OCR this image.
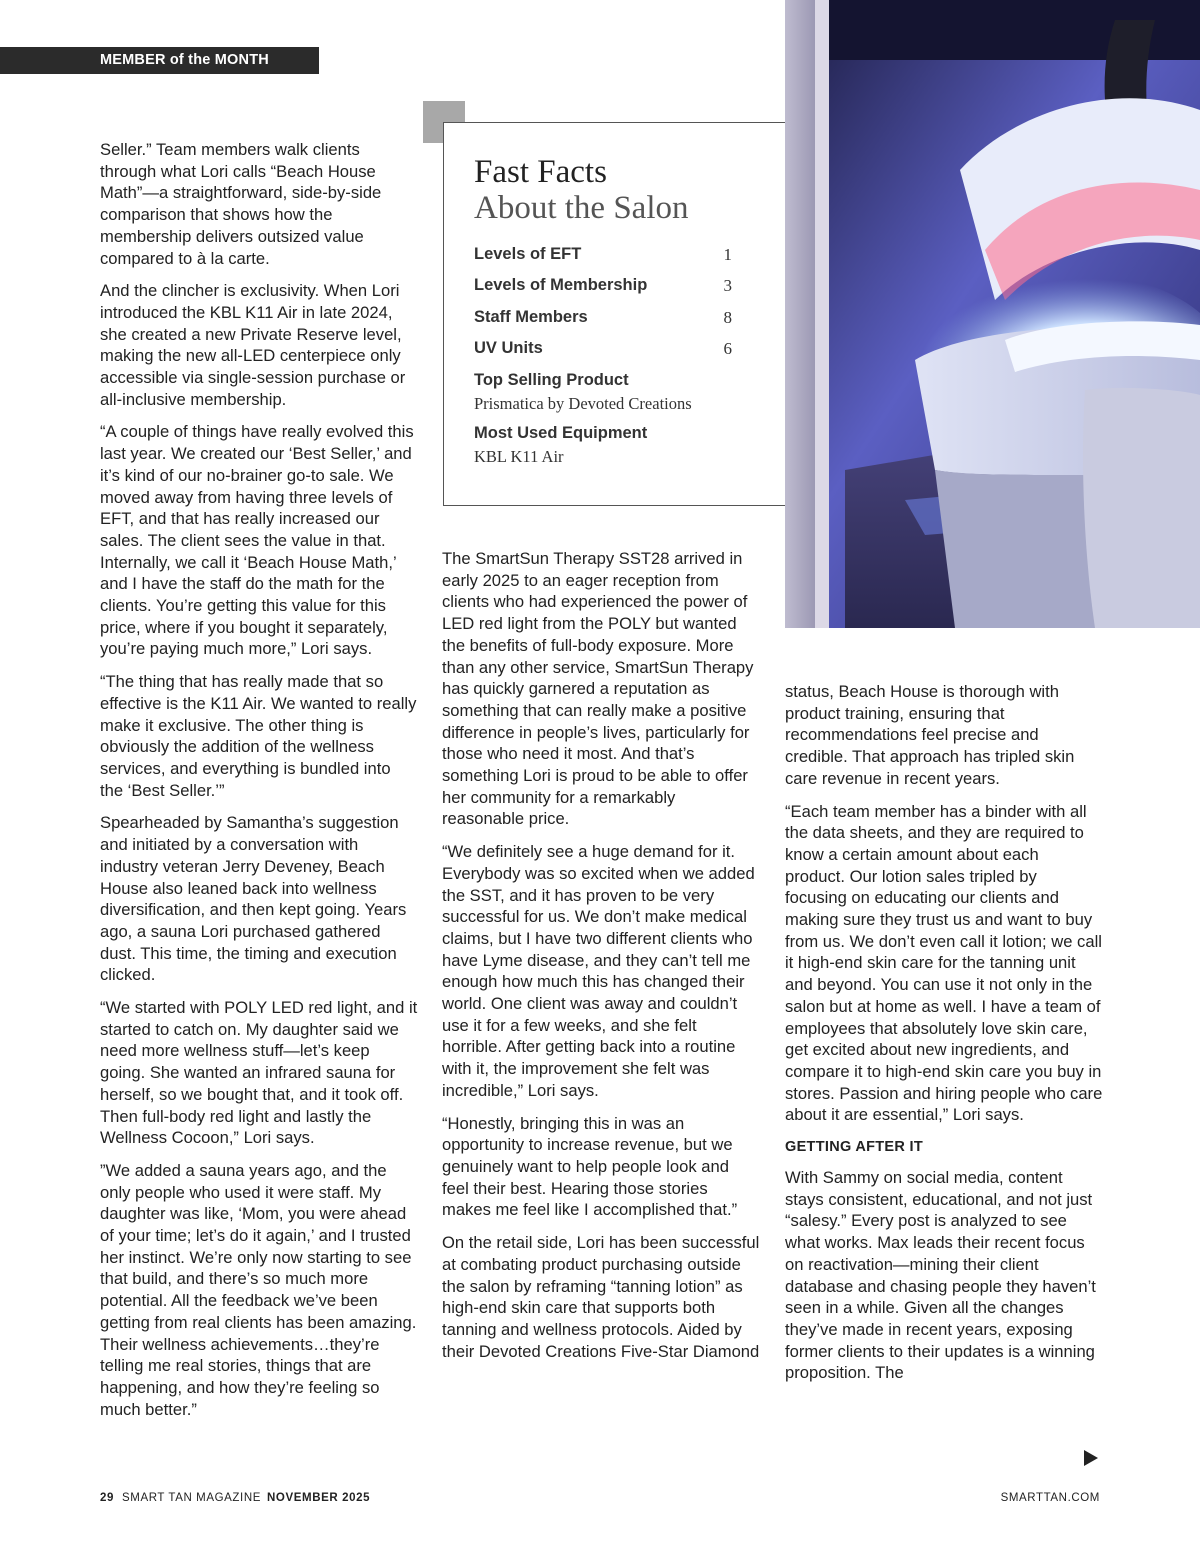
MEMBER of the MONTH

Seller.” Team members walk clients through what Lori calls “Beach House Math”—a straightforward, side-by-side comparison that shows how the membership delivers outsized value compared to à la carte.

And the clincher is exclusivity. When Lori introduced the KBL K11 Air in late 2024, she created a new Private Reserve level, making the new all-LED centerpiece only accessible via single-session purchase or all-inclusive membership.

“A couple of things have really evolved this last year. We created our ‘Best Seller,’ and it’s kind of our no-brainer go-to sale. We moved away from having three levels of EFT, and that has really increased our sales. The client sees the value in that. Internally, we call it ‘Beach House Math,’ and I have the staff do the math for the clients. You’re getting this value for this price, where if you bought it separately, you’re paying much more,” Lori says.

“The thing that has really made that so effective is the K11 Air. We wanted to really make it exclusive. The other thing is obviously the addition of the wellness services, and everything is bundled into the ‘Best Seller.’”

Spearheaded by Samantha’s suggestion and initiated by a conversation with industry veteran Jerry Deveney, Beach House also leaned back into wellness diversification, and then kept going. Years ago, a sauna Lori purchased gathered dust. This time, the timing and execution clicked.

“We started with POLY LED red light, and it started to catch on. My daughter said we need more wellness stuff—let’s keep going. She wanted an infrared sauna for herself, so we bought that, and it took off. Then full-body red light and lastly the Wellness Cocoon,” Lori says.

”We added a sauna years ago, and the only people who used it were staff. My daughter was like, ‘Mom, you were ahead of your time; let’s do it again,’ and I trusted her instinct. We’re only now starting to see that build, and there’s so much more potential. All the feedback we’ve been getting from real clients has been amazing. Their wellness achievements…they’re telling me real stories, things that are happening, and how they’re feeling so much better.”

Fast Facts
About the Salon
Levels of EFT	1
Levels of Membership	3
Staff Members	8
UV Units	6
Top Selling Product
Prismatica by Devoted Creations
Most Used Equipment
KBL K11 Air

The SmartSun Therapy SST28 arrived in early 2025 to an eager reception from clients who had experienced the power of LED red light from the POLY but wanted the benefits of full-body exposure. More than any other service, SmartSun Therapy has quickly garnered a reputation as something that can really make a positive difference in people’s lives, particularly for those who need it most. And that’s something Lori is proud to be able to offer her community for a remarkably reasonable price.

“We definitely see a huge demand for it. Everybody was so excited when we added the SST, and it has proven to be very successful for us. We don’t make medical claims, but I have two different clients who have Lyme disease, and they can’t tell me enough how much this has changed their world. One client was away and couldn’t use it for a few weeks, and she felt horrible. After getting back into a routine with it, the improvement she felt was incredible,” Lori says.

“Honestly, bringing this in was an opportunity to increase revenue, but we genuinely want to help people look and feel their best. Hearing those stories makes me feel like I accomplished that.”

On the retail side, Lori has been successful at combating product purchasing outside the salon by reframing “tanning lotion” as high-end skin care that supports both tanning and wellness protocols. Aided by their Devoted Creations Five-Star Diamond

status, Beach House is thorough with product training, ensuring that recommendations feel precise and credible. That approach has tripled skin care revenue in recent years.

“Each team member has a binder with all the data sheets, and they are required to know a certain amount about each product. Our lotion sales tripled by focusing on educating our clients and making sure they trust us and want to buy from us. We don’t even call it lotion; we call it high-end skin care for the tanning unit and beyond. You can use it not only in the salon but at home as well. I have a team of employees that absolutely love skin care, get excited about new ingredients, and compare it to high-end skin care you buy in stores. Passion and hiring people who care about it are essential,” Lori says.

GETTING AFTER IT

With Sammy on social media, content stays consistent, educational, and not just “salesy.” Every post is analyzed to see what works. Max leads their recent focus on reactivation—mining their client database and chasing people they haven’t seen in a while. Given all the changes they’ve made in recent years, exposing former clients to their updates is a winning proposition. The

29 SMART TAN MAGAZINE NOVEMBER 2025	SMARTTAN.COM
